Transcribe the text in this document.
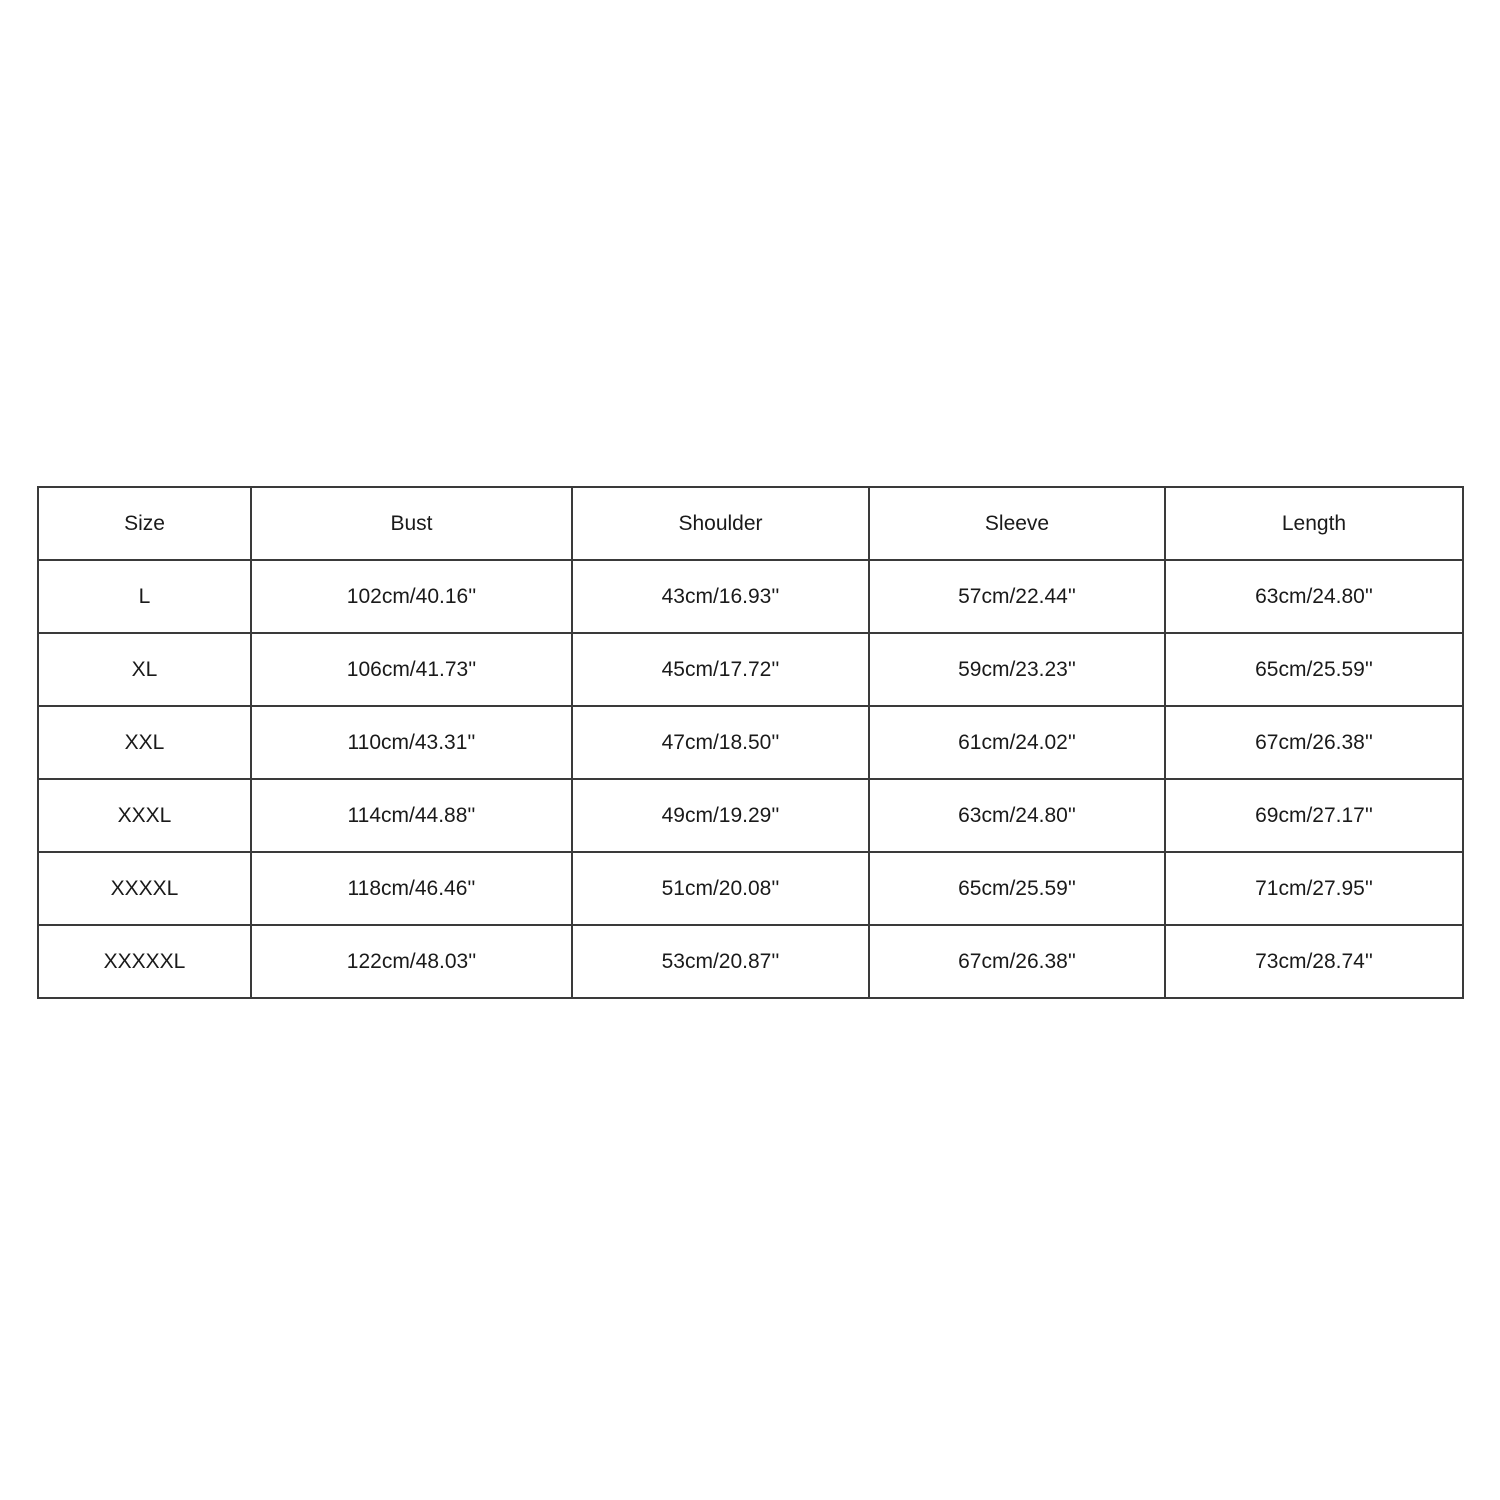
Size	Bust	Shoulder	Sleeve	Length
L	102cm/40.16''	43cm/16.93''	57cm/22.44''	63cm/24.80''
XL	106cm/41.73''	45cm/17.72''	59cm/23.23''	65cm/25.59''
XXL	110cm/43.31''	47cm/18.50''	61cm/24.02''	67cm/26.38''
XXXL	114cm/44.88''	49cm/19.29''	63cm/24.80''	69cm/27.17''
XXXXL	118cm/46.46''	51cm/20.08''	65cm/25.59''	71cm/27.95''
XXXXXL	122cm/48.03''	53cm/20.87''	67cm/26.38''	73cm/28.74''
